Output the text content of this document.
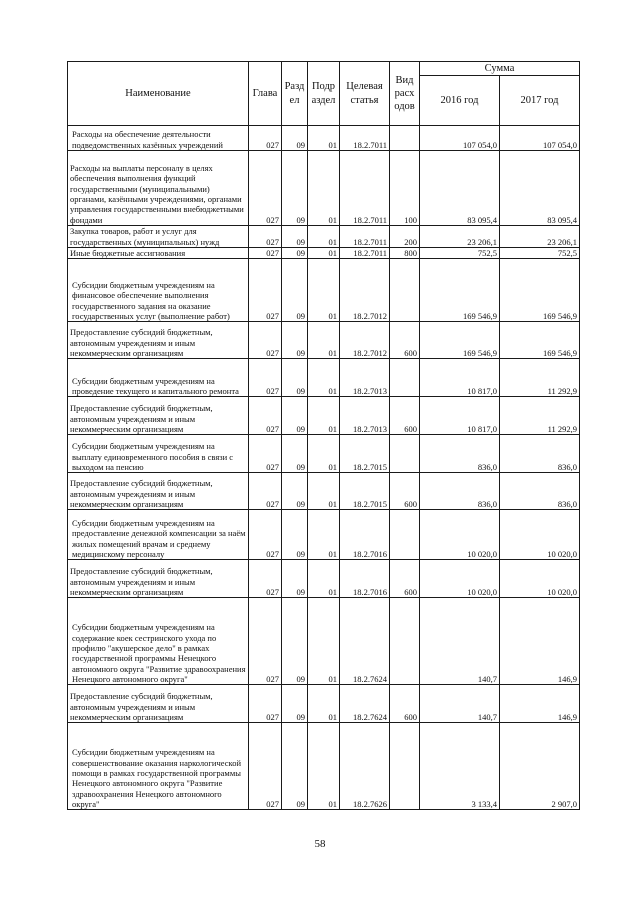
Наименование	Глава	Разд ел	Подр аздел	Целевая статья	Вид расх одов	Сумма	
						2016 год	2017 год
Расходы на обеспечение деятельности подведомственных казённых учреждений	027	09	01	18.2.7011		107 054,0	107 054,0
Расходы на выплаты персоналу в целях обеспечения выполнения функций государственными (муниципальными) органами, казёнными учреждениями, органами управления государственными внебюджетными фондами	027	09	01	18.2.7011	100	83 095,4	83 095,4
Закупка товаров, работ и услуг для государственных (муниципальных) нужд	027	09	01	18.2.7011	200	23 206,1	23 206,1
Иные бюджетные ассигнования	027	09	01	18.2.7011	800	752,5	752,5
Субсидии бюджетным учреждениям на финансовое обеспечение выполнения государственного задания на оказание государственных услуг (выполнение работ)	027	09	01	18.2.7012		169 546,9	169 546,9
Предоставление субсидий бюджетным, автономным учреждениям и иным некоммерческим организациям	027	09	01	18.2.7012	600	169 546,9	169 546,9
Субсидии бюджетным учреждениям на проведение текущего и капитального ремонта	027	09	01	18.2.7013		10 817,0	11 292,9
Предоставление субсидий бюджетным, автономным учреждениям и иным некоммерческим организациям	027	09	01	18.2.7013	600	10 817,0	11 292,9
Субсидии бюджетным учреждениям на выплату единовременного пособия в связи с выходом на пенсию	027	09	01	18.2.7015		836,0	836,0
Предоставление субсидий бюджетным, автономным учреждениям и иным некоммерческим организациям	027	09	01	18.2.7015	600	836,0	836,0
Субсидии бюджетным учреждениям на предоставление денежной компенсации за наём жилых помещений врачам и среднему медицинскому персоналу	027	09	01	18.2.7016		10 020,0	10 020,0
Предоставление субсидий бюджетным, автономным учреждениям и иным некоммерческим организациям	027	09	01	18.2.7016	600	10 020,0	10 020,0
Субсидии бюджетным учреждениям на содержание коек сестринского ухода по профилю "акушерское дело" в рамках государственной программы Ненецкого автономного округа "Развитие здравоохранения Ненецкого автономного округа"	027	09	01	18.2.7624		140,7	146,9
Предоставление субсидий бюджетным, автономным учреждениям и иным некоммерческим организациям	027	09	01	18.2.7624	600	140,7	146,9
Субсидии бюджетным учреждениям на совершенствование оказания наркологической помощи в рамках государственной программы Ненецкого автономного округа "Развитие здравоохранения Ненецкого автономного округа"	027	09	01	18.2.7626		3 133,4	2 907,0
58
